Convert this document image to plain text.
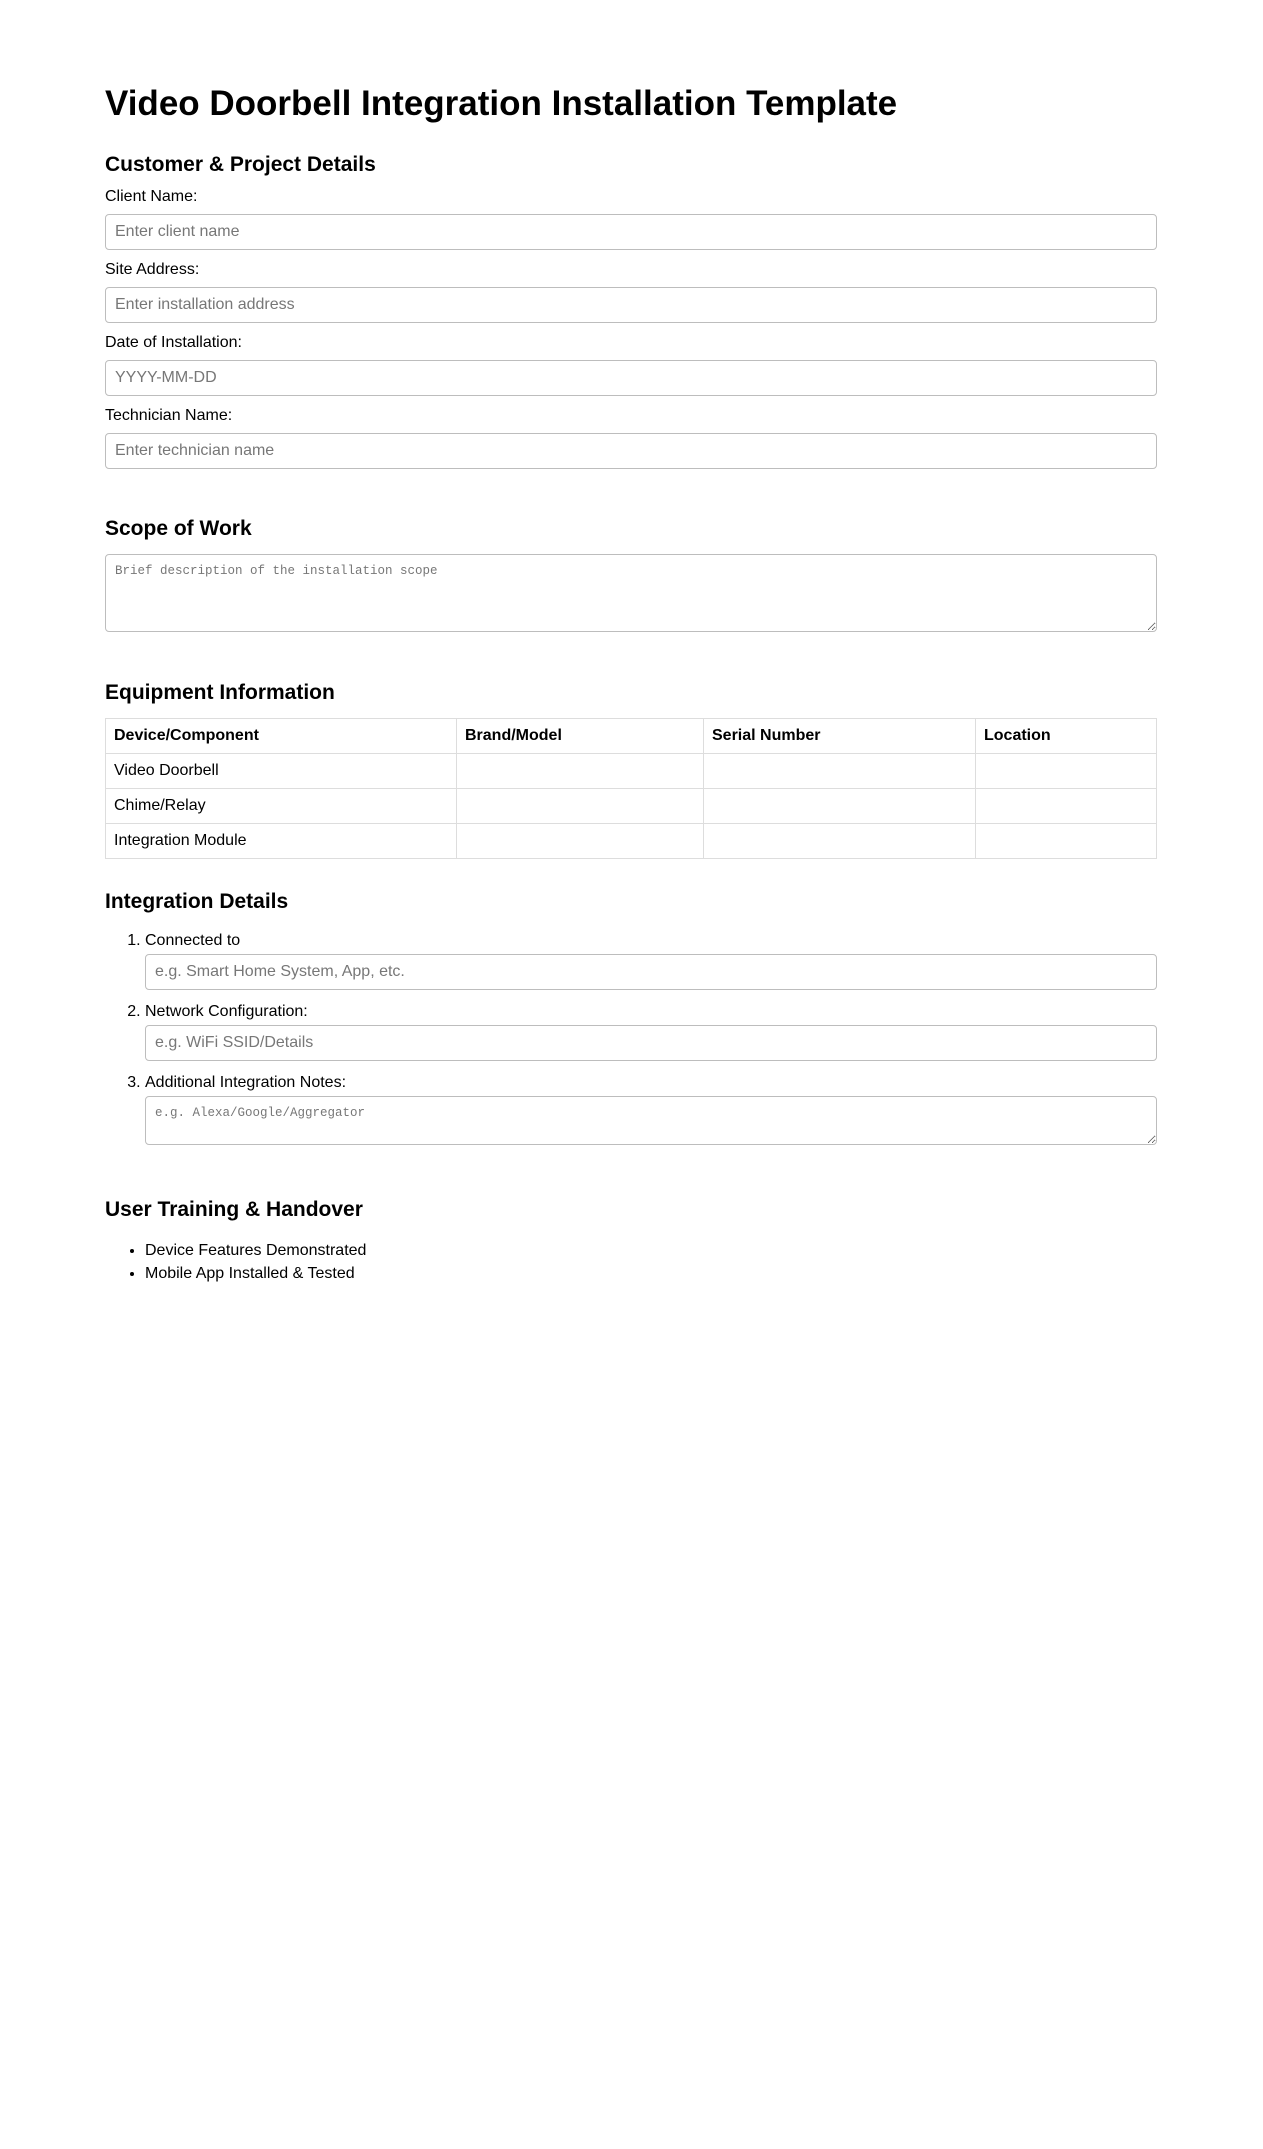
Video Doorbell Integration Installation Template
Customer & Project Details
Client Name:
Enter client name
Site Address:
Enter installation address
Date of Installation:
YYYY-MM-DD
Technician Name:
Enter technician name
Scope of Work
Brief description of the installation scope
Equipment Information
Device/Component	Brand/Model	Serial Number	Location
Video Doorbell			
Chime/Relay			
Integration Module			
Integration Details
1. Connected to
e.g. Smart Home System, App, etc.
2. Network Configuration:
e.g. WiFi SSID/Details
3. Additional Integration Notes:
e.g. Alexa/Google/Aggregator
User Training & Handover
• Device Features Demonstrated
• Mobile App Installed & Tested
